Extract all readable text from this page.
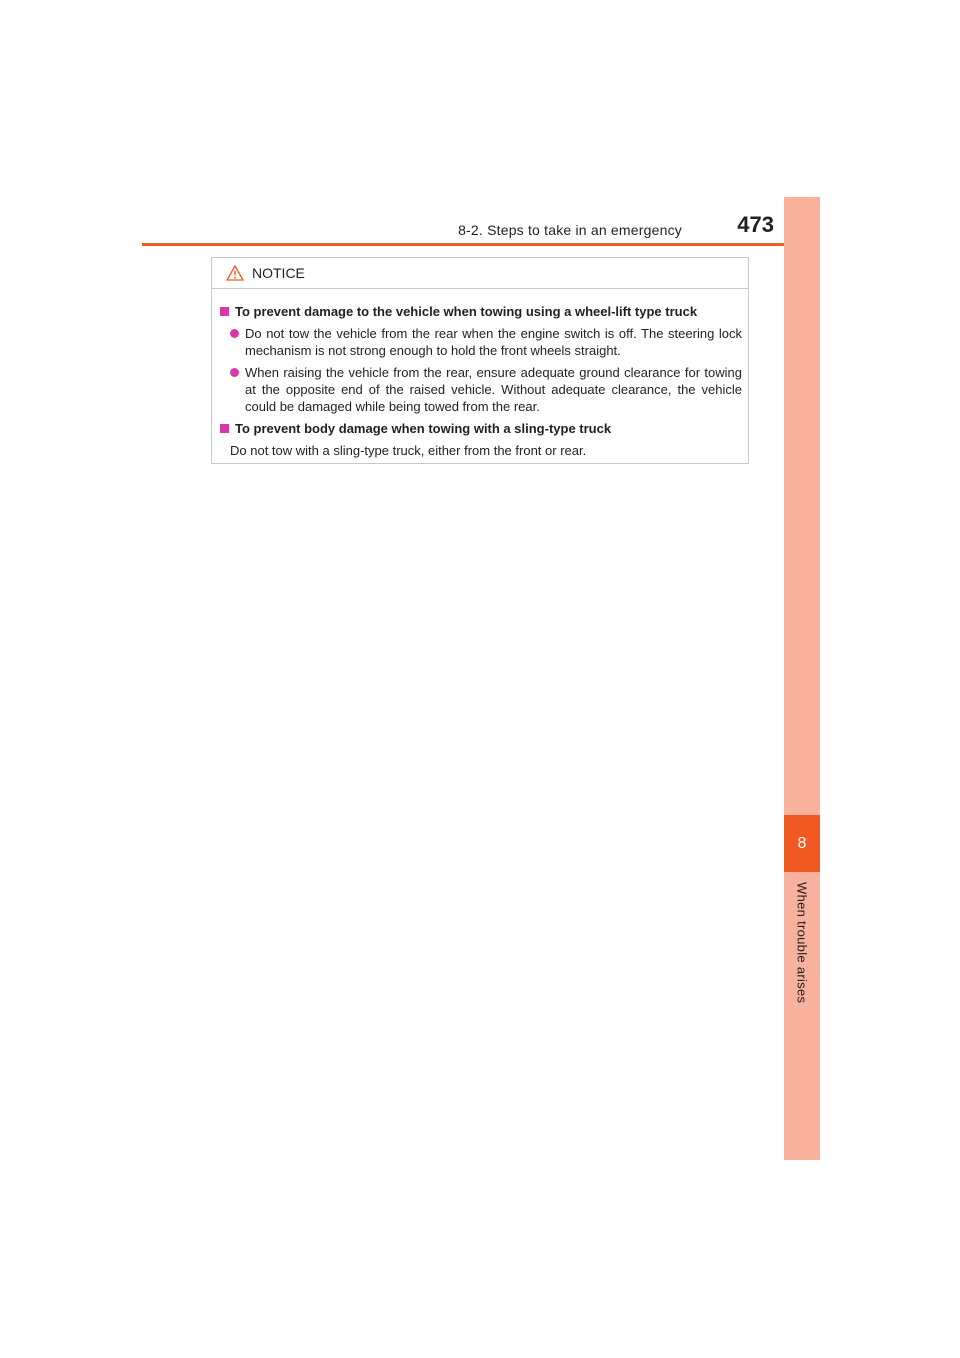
8-2. Steps to take in an emergency	473
8
When trouble arises
NOTICE
To prevent damage to the vehicle when towing using a wheel-lift type truck
Do not tow the vehicle from the rear when the engine switch is off. The steering lock mechanism is not strong enough to hold the front wheels straight.
When raising the vehicle from the rear, ensure adequate ground clearance for towing at the opposite end of the raised vehicle. Without adequate clearance, the vehicle could be damaged while being towed from the rear.
To prevent body damage when towing with a sling-type truck
Do not tow with a sling-type truck, either from the front or rear.
